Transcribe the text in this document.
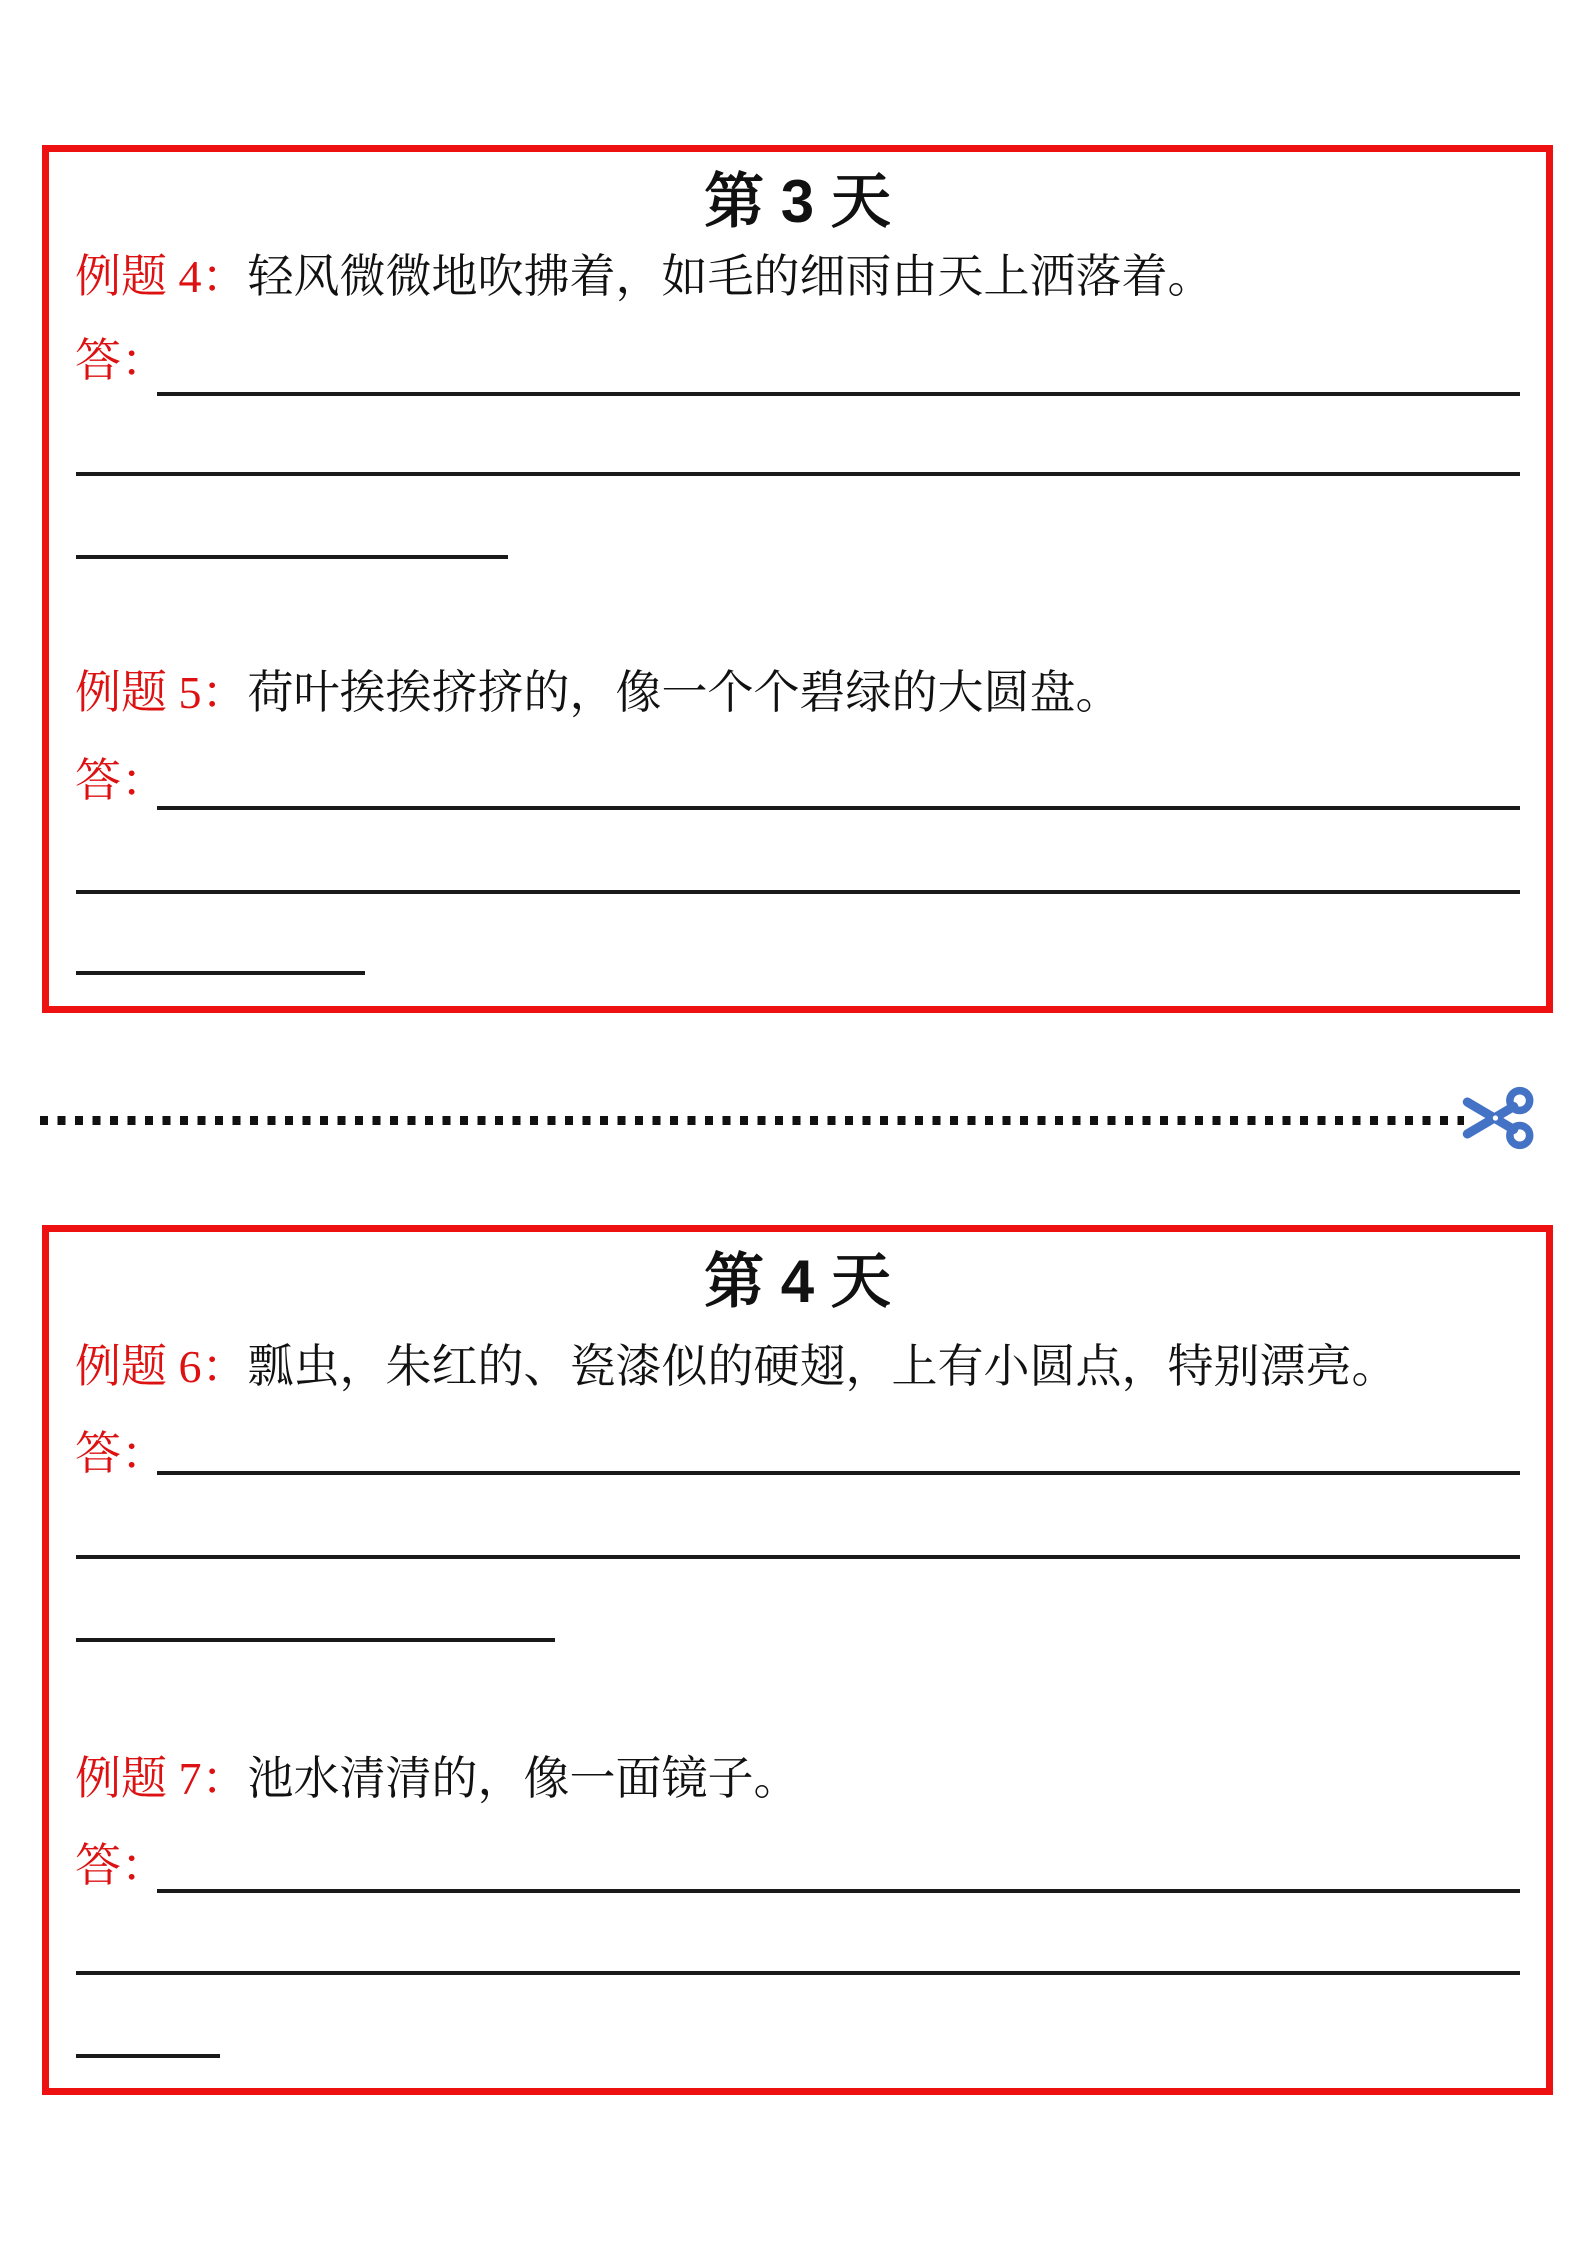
第 3 天
例题 4：轻风微微地吹拂着，如毛的细雨由天上洒落着。
答：
例题 5：荷叶挨挨挤挤的，像一个个碧绿的大圆盘。
答：
第 4 天
例题 6：瓢虫，朱红的、瓷漆似的硬翅，上有小圆点，特别漂亮。
答：
例题 7：池水清清的，像一面镜子。
答：
